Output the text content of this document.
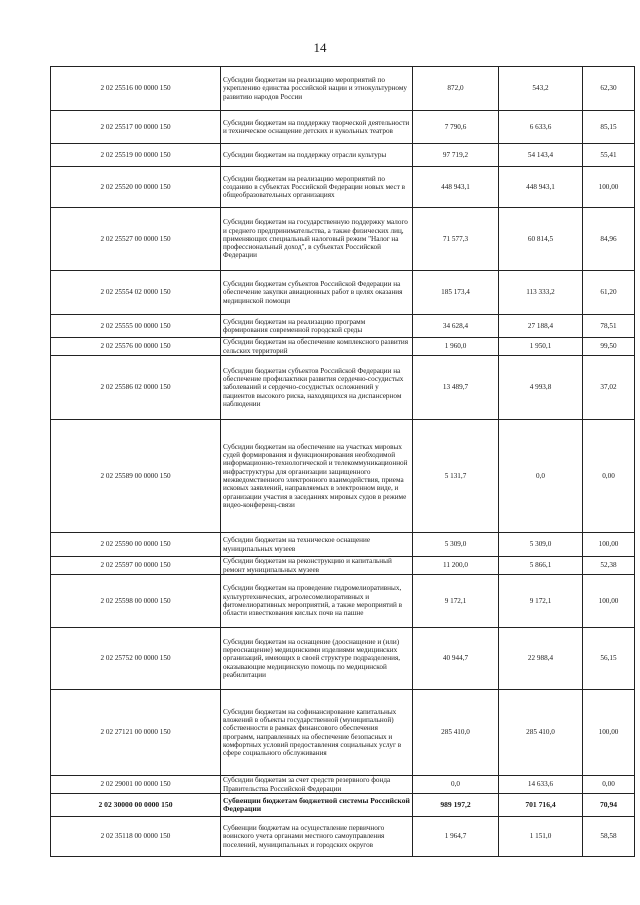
14
2 02 25516 00 0000 150	Субсидии бюджетам на реализацию мероприятий по укреплению единства российской нации и этнокультурному развитию народов России	872,0	543,2	62,30
2 02 25517 00 0000 150	Субсидии бюджетам на поддержку творческой деятельности и техническое оснащение детских и кукольных театров	7 790,6	6 633,6	85,15
2 02 25519 00 0000 150	Субсидии бюджетам на поддержку отрасли культуры	97 719,2	54 143,4	55,41
2 02 25520 00 0000 150	Субсидии бюджетам на реализацию мероприятий по созданию в субъектах Российской Федерации новых мест в общеобразовательных организациях	448 943,1	448 943,1	100,00
2 02 25527 00 0000 150	Субсидии бюджетам на государственную поддержку малого и среднего предпринимательства, а также физических лиц, применяющих специальный налоговый режим "Налог на профессиональный доход", в субъектах Российской Федерации	71 577,3	60 814,5	84,96
2 02 25554 02 0000 150	Субсидии бюджетам субъектов Российской Федерации на обеспечение закупки авиационных работ в целях оказания медицинской помощи	185 173,4	113 333,2	61,20
2 02 25555 00 0000 150	Субсидии бюджетам на реализацию программ формирования современной городской среды	34 628,4	27 188,4	78,51
2 02 25576 00 0000 150	Субсидии бюджетам на обеспечение комплексного развития сельских территорий	1 960,0	1 950,1	99,50
2 02 25586 02 0000 150	Субсидии бюджетам субъектов Российской Федерации на обеспечение профилактики развития сердечно-сосудистых заболеваний и сердечно-сосудистых осложнений у пациентов высокого риска, находящихся на диспансерном наблюдении	13 489,7	4 993,8	37,02
2 02 25589 00 0000 150	Субсидии бюджетам на обеспечение на участках мировых судей формирования и функционирования необходимой информационно-технологической и телекоммуникационной инфраструктуры для организации защищенного межведомственного электронного взаимодействия, приема исковых заявлений, направляемых в электронном виде, и организации участия в заседаниях мировых судов в режиме видео-конференц-связи	5 131,7	0,0	0,00
2 02 25590 00 0000 150	Субсидии бюджетам на техническое оснащение муниципальных музеев	5 309,0	5 309,0	100,00
2 02 25597 00 0000 150	Субсидии бюджетам на реконструкцию и капитальный ремонт муниципальных музеев	11 200,0	5 866,1	52,38
2 02 25598 00 0000 150	Субсидии бюджетам на проведение гидромелиоративных, культуртехнических, агролесомелиоративных и фитомелиоративных мероприятий, а также мероприятий в области известкования кислых почв на пашне	9 172,1	9 172,1	100,00
2 02 25752 00 0000 150	Субсидии бюджетам на оснащение (дооснащение и (или) переоснащение) медицинскими изделиями медицинских организаций, имеющих в своей структуре подразделения, оказывающие медицинскую помощь по медицинской реабилитации	40 944,7	22 988,4	56,15
2 02 27121 00 0000 150	Субсидии бюджетам на софинансирование капитальных вложений в объекты государственной (муниципальной) собственности в рамках финансового обеспечения программ, направленных на обеспечение безопасных и комфортных условий предоставления социальных услуг в сфере социального обслуживания	285 410,0	285 410,0	100,00
2 02 29001 00 0000 150	Субсидии бюджетам за счет средств резервного фонда Правительства Российской Федерации	0,0	14 633,6	0,00
2 02 30000 00 0000 150	Субвенции бюджетам бюджетной системы Российской Федерации	989 197,2	701 716,4	70,94
2 02 35118 00 0000 150	Субвенции бюджетам на осуществление первичного воинского учета органами местного самоуправления поселений, муниципальных и городских округов	1 964,7	1 151,0	58,58
